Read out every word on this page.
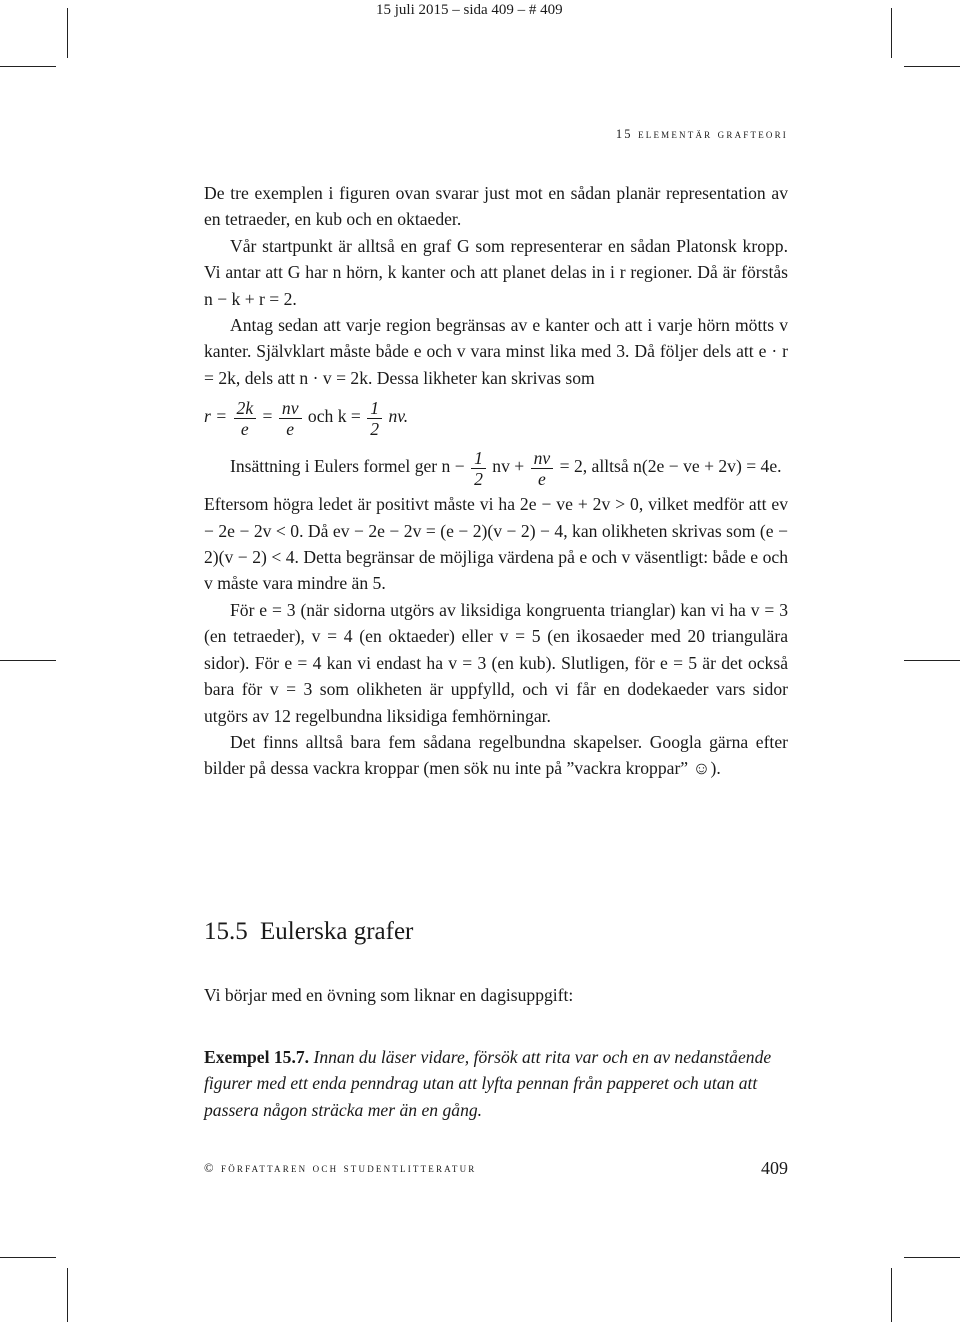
15 juli 2015 – sida 409 – # 409
15 elementär grafteori

De tre exemplen i figuren ovan svarar just mot en sådan planär representation av en tetraeder, en kub och en oktaeder.

Vår startpunkt är alltså en graf G som representerar en sådan Platonsk kropp. Vi antar att G har n hörn, k kanter och att planet delas in i r regioner. Då är förstås n − k + r = 2.

Antag sedan att varje region begränsas av e kanter och att i varje hörn mötts v kanter. Självklart måste både e och v vara minst lika med 3. Då följer dels att e · r = 2k, dels att n · v = 2k. Dessa likheter kan skrivas som

$r = \frac{2k}{e} = \frac{nv}{e}$ och $k = \frac{1}{2}$ nv.
Insättning i Eulers formel ger $n - \frac{1}{2}$ nv + $\frac{nv}{e} = 2$, alltså n(2e − ve + 2v) = 4e.

Eftersom högra ledet är positivt måste vi ha 2e − ve + 2v > 0, vilket medför att ev − 2e − 2v < 0. Då ev − 2e − 2v = (e − 2)(v − 2) − 4, kan olikheten skrivas som (e − 2)(v − 2) < 4. Detta begränsar de möjliga värdena på e och v väsentligt: både e och v måste vara mindre än 5.

För e = 3 (när sidorna utgörs av liksidiga kongruenta trianglar) kan vi ha v = 3 (en tetraeder), v = 4 (en oktaeder) eller v = 5 (en ikosaeder med 20 triangulära sidor). För e = 4 kan vi endast ha v = 3 (en kub). Slutligen, för e = 5 är det också bara för v = 3 som olikheten är uppfylld, och vi får en dodekaeder vars sidor utgörs av 12 regelbundna liksidiga femhörningar.

Det finns alltså bara fem sådana regelbundna skapelser. Googla gärna efter bilder på dessa vackra kroppar (men sök nu inte på ”vackra kroppar” ☺).

15.5 Eulerska grafer
Vi börjar med en övning som liknar en dagisuppgift:
Exempel 15.7. Innan du läser vidare, försök att rita var och en av nedanstående figurer med ett enda penndrag utan att lyfta pennan från papperet och utan att passera någon sträcka mer än en gång.
© författaren och studentlitteratur	409
